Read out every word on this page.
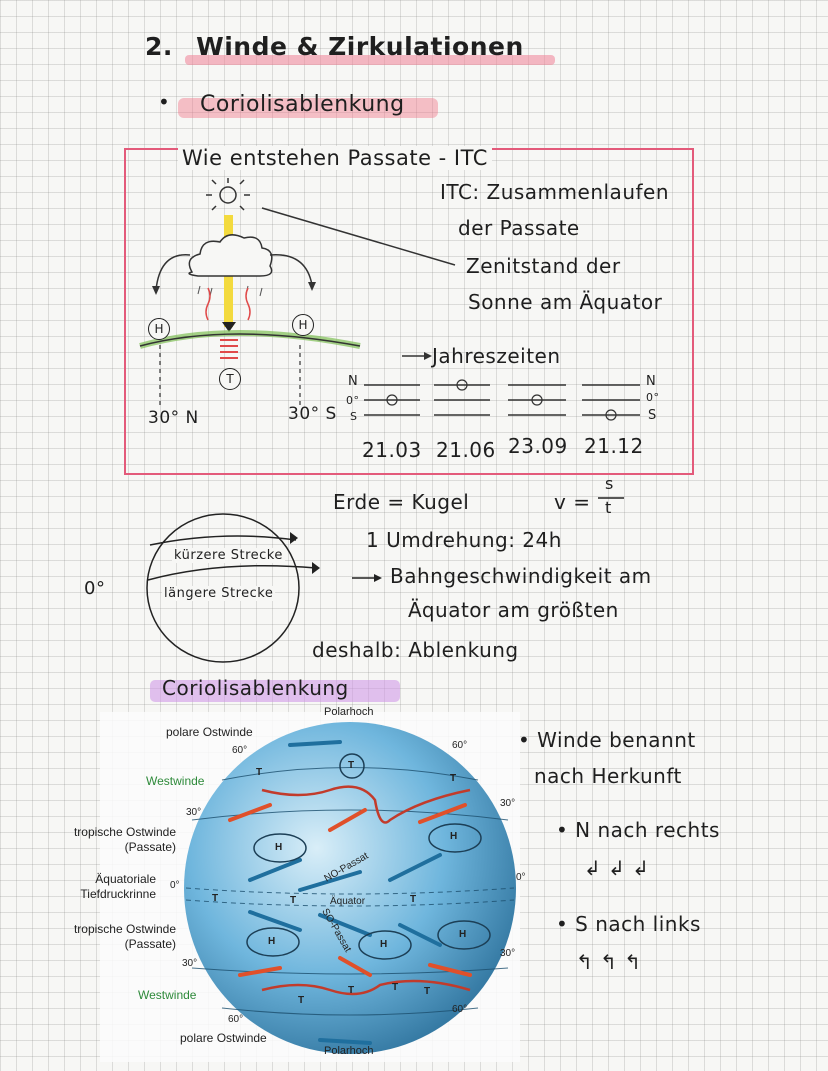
2. Winde & Zirkulationen
• Coriolisablenkung
Wie entstehen Passate - ITC
ITC: Zusammenlaufen
der Passate
Zenitstand der
Sonne am Äquator
H	H
T
30° N	30° S
Jahreszeiten
N
0°
S
N
0°
S
21.03 21.06 23.09 21.12
0°
kürzere Strecke
längere Strecke
Erde = Kugel	v =
s
t
1 Umdrehung: 24h
Bahngeschwindigkeit am
Äquator am größten
deshalb: Ablenkung
Coriolisablenkung
Polarhoch
Polarhoch
polare Ostwinde
60°
Westwinde
30°
tropische Ostwinde
(Passate)
Äquatoriale
Tiefdruckrinne
0°
tropische Ostwinde
(Passate)
30°
Westwinde
60°
polare Ostwinde
60°
30°
0°
30°
60°
NO-Passat
Äquator
SO-Passat
T
T
T
H
H
T	T	T
H	H
H
T
T	T	T
• Winde benannt
nach Herkunft
• N nach rechts
↲ ↲ ↲
• S nach links
↰ ↰ ↰
